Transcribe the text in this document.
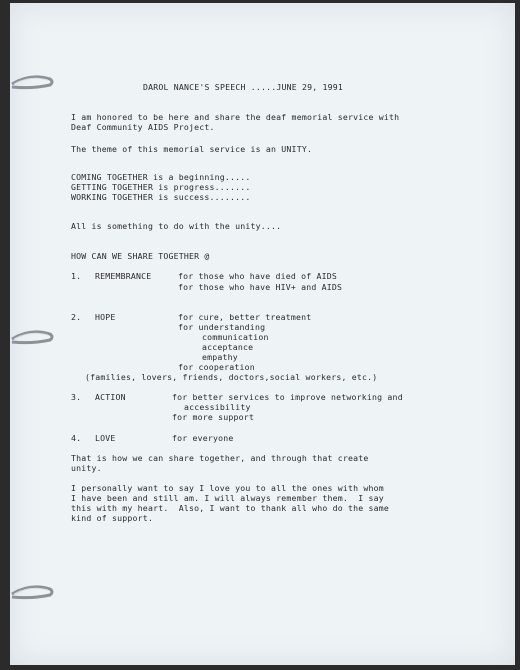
DAROL NANCE'S SPEECH .....JUNE 29, 1991
I am honored to be here and share the deaf memorial service with
Deaf Community AIDS Project.
The theme of this memorial service is an UNITY.
COMING TOGETHER is a beginning.....
GETTING TOGETHER is progress.......
WORKING TOGETHER is success........
All is something to do with the unity....
HOW CAN WE SHARE TOGETHER @
1. REMEMBRANCE	for those who have died of AIDS
for those who have HIV+ and AIDS
2. HOPE	for cure, better treatment
for understanding
communication
acceptance
empathy
for cooperation
(families, lovers, friends, doctors,social workers, etc.)
3. ACTION	for better services to improve networking and
accessibility
for more support
4. LOVE	for everyone
That is how we can share together, and through that create
unity.
I personally want to say I love you to all the ones with whom
I have been and still am. I will always remember them.  I say
this with my heart.  Also, I want to thank all who do the same
kind of support.
